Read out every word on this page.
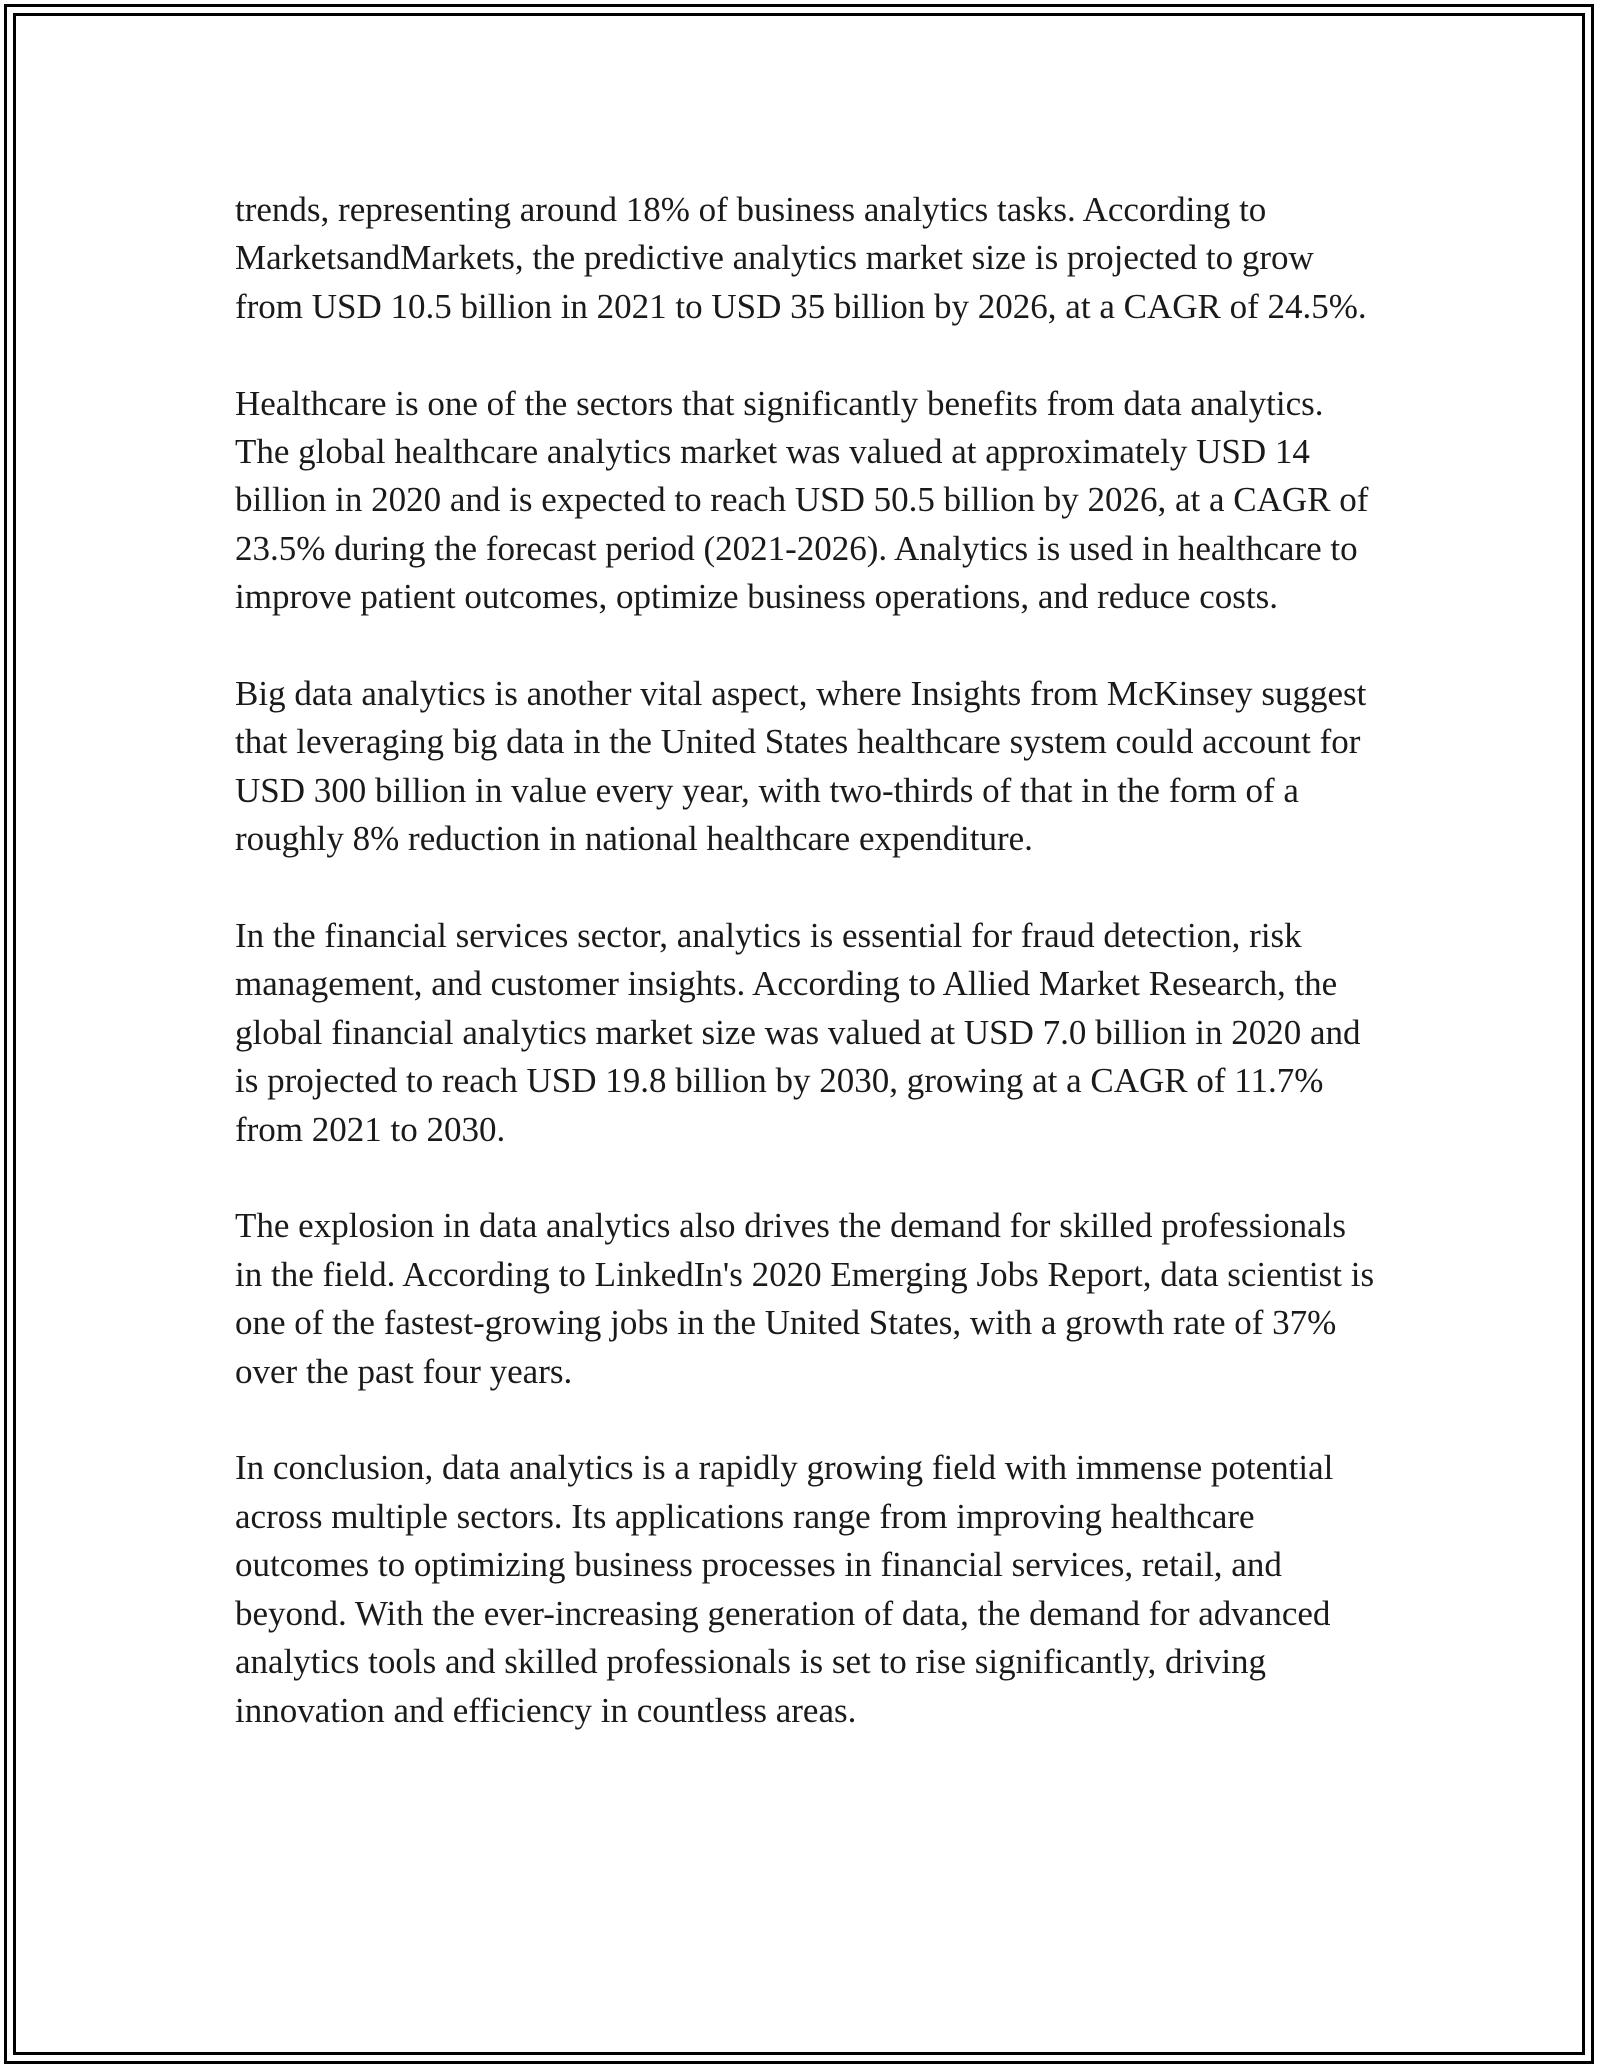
trends, representing around 18% of business analytics tasks. According to MarketsandMarkets, the predictive analytics market size is projected to grow from USD 10.5 billion in 2021 to USD 35 billion by 2026, at a CAGR of 24.5%.

Healthcare is one of the sectors that significantly benefits from data analytics. The global healthcare analytics market was valued at approximately USD 14 billion in 2020 and is expected to reach USD 50.5 billion by 2026, at a CAGR of 23.5% during the forecast period (2021-2026). Analytics is used in healthcare to improve patient outcomes, optimize business operations, and reduce costs.

Big data analytics is another vital aspect, where Insights from McKinsey suggest that leveraging big data in the United States healthcare system could account for USD 300 billion in value every year, with two-thirds of that in the form of a roughly 8% reduction in national healthcare expenditure.

In the financial services sector, analytics is essential for fraud detection, risk management, and customer insights. According to Allied Market Research, the global financial analytics market size was valued at USD 7.0 billion in 2020 and is projected to reach USD 19.8 billion by 2030, growing at a CAGR of 11.7% from 2021 to 2030.

The explosion in data analytics also drives the demand for skilled professionals in the field. According to LinkedIn's 2020 Emerging Jobs Report, data scientist is one of the fastest-growing jobs in the United States, with a growth rate of 37% over the past four years.

In conclusion, data analytics is a rapidly growing field with immense potential across multiple sectors. Its applications range from improving healthcare outcomes to optimizing business processes in financial services, retail, and beyond. With the ever-increasing generation of data, the demand for advanced analytics tools and skilled professionals is set to rise significantly, driving innovation and efficiency in countless areas.
